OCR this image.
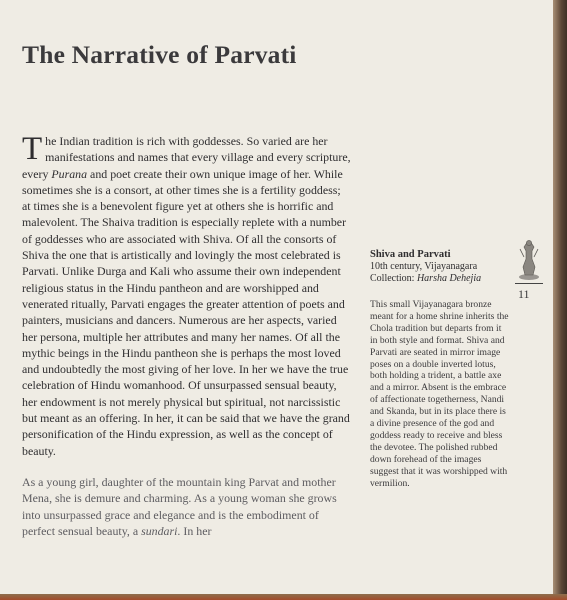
The Narrative of Parvati

The Indian tradition is rich with goddesses. So varied are her manifestations and names that every village and every scripture, every Purana and poet create their own unique image of her. While sometimes she is a consort, at other times she is a fertility goddess; at times she is a benevolent figure yet at others she is horrific and malevolent. The Shaiva tradition is especially replete with a number of goddesses who are associated with Shiva. Of all the consorts of Shiva the one that is artistically and lovingly the most celebrated is Parvati. Unlike Durga and Kali who assume their own independent religious status in the Hindu pantheon and are worshipped and venerated ritually, Parvati engages the greater attention of poets and painters, musicians and dancers. Numerous are her aspects, varied her persona, multiple her attributes and many her names. Of all the mythic beings in the Hindu pantheon she is perhaps the most loved and undoubtedly the most giving of her love. In her we have the true celebration of Hindu womanhood. Of unsurpassed sensual beauty, her endowment is not merely physical but spiritual, not narcissistic but meant as an offering. In her, it can be said that we have the grand personification of the Hindu expression, as well as the concept of beauty.

As a young girl, daughter of the mountain king Parvat and mother Mena, she is demure and charming. As a young woman she grows into unsurpassed grace and elegance and is the embodiment of perfect sensual beauty, a sundari. In her

Shiva and Parvati
10th century, Vijayanagara
Collection: Harsha Dehejia
This small Vijayanagara bronze meant for a home shrine inherits the Chola tradition but departs from it in both style and format. Shiva and Parvati are seated in mirror image poses on a double inverted lotus, both holding a trident, a battle axe and a mirror. Absent is the embrace of affectionate togetherness, Nandi and Skanda, but in its place there is a divine presence of the god and goddess ready to receive and bless the devotee. The polished rubbed down forehead of the images suggest that it was worshipped with vermilion.
11
